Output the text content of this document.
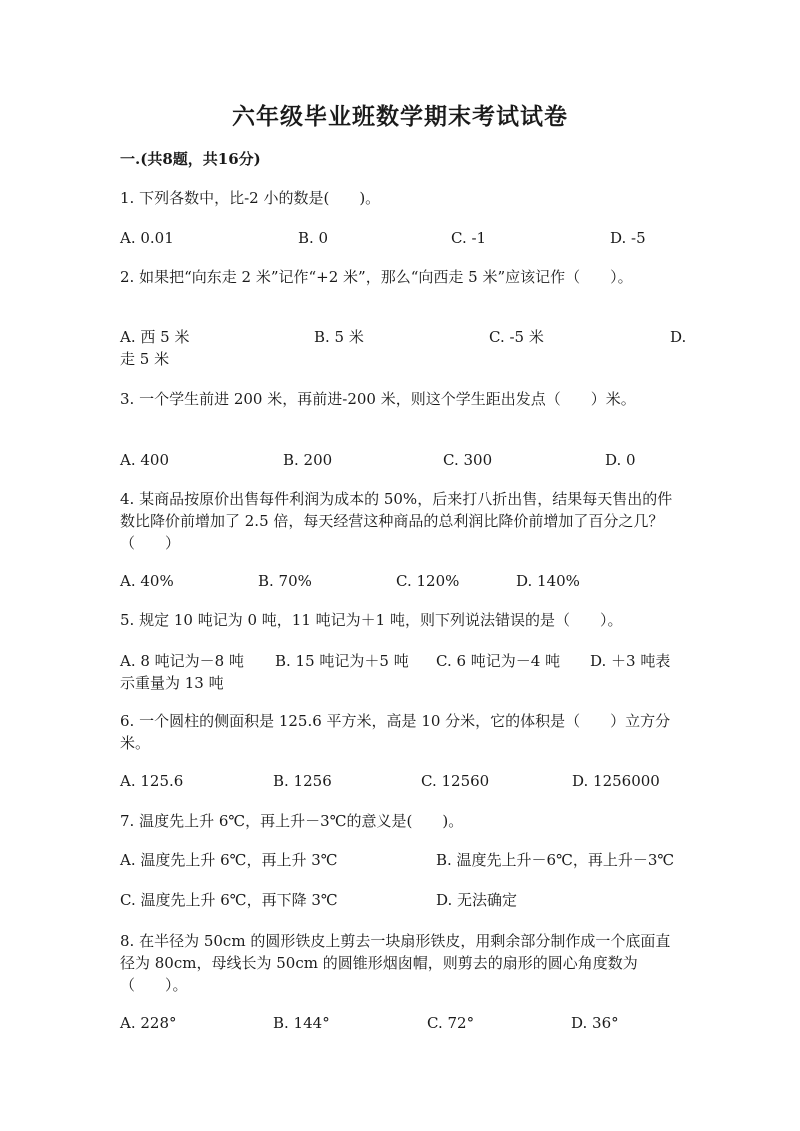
六年级毕业班数学期末考试试卷
一.(共8题，共16分)
1. 下列各数中，比-2 小的数是(　　)。
A. 0.01	B. 0	C. -1	D. -5
2. 如果把“向东走 2 米”记作“+2 米”，那么“向西走 5 米”应该记作（　　）。
A. 西 5 米	B. 5 米	C. -5 米	D.
走 5 米
3. 一个学生前进 200 米，再前进-200 米，则这个学生距出发点（　　）米。
A. 400	B. 200	C. 300	D. 0
4. 某商品按原价出售每件利润为成本的 50%，后来打八折出售，结果每天售出的件数比降价前增加了 2.5 倍，每天经营这种商品的总利润比降价前增加了百分之几？（　　）
A. 40%	B. 70%	C. 120%	D. 140%
5. 规定 10 吨记为 0 吨，11 吨记为＋1 吨，则下列说法错误的是（　　）。
A. 8 吨记为－8 吨 B. 15 吨记为＋5 吨 C. 6 吨记为－4 吨 D. ＋3 吨表
示重量为 13 吨
6. 一个圆柱的侧面积是 125.6 平方米，高是 10 分米，它的体积是（　　）立方分米。
A. 125.6	B. 1256	C. 12560	D. 1256000
7. 温度先上升 6℃，再上升－3℃的意义是(　　)。
A. 温度先上升 6℃，再上升 3℃	B. 温度先上升－6℃，再上升－3℃
C. 温度先上升 6℃，再下降 3℃	D. 无法确定
8. 在半径为 50cm 的圆形铁皮上剪去一块扇形铁皮，用剩余部分制作成一个底面直径为 80cm，母线长为 50cm 的圆锥形烟囱帽，则剪去的扇形的圆心角度数为（　　）。
A. 228°	B. 144°	C. 72°	D. 36°
